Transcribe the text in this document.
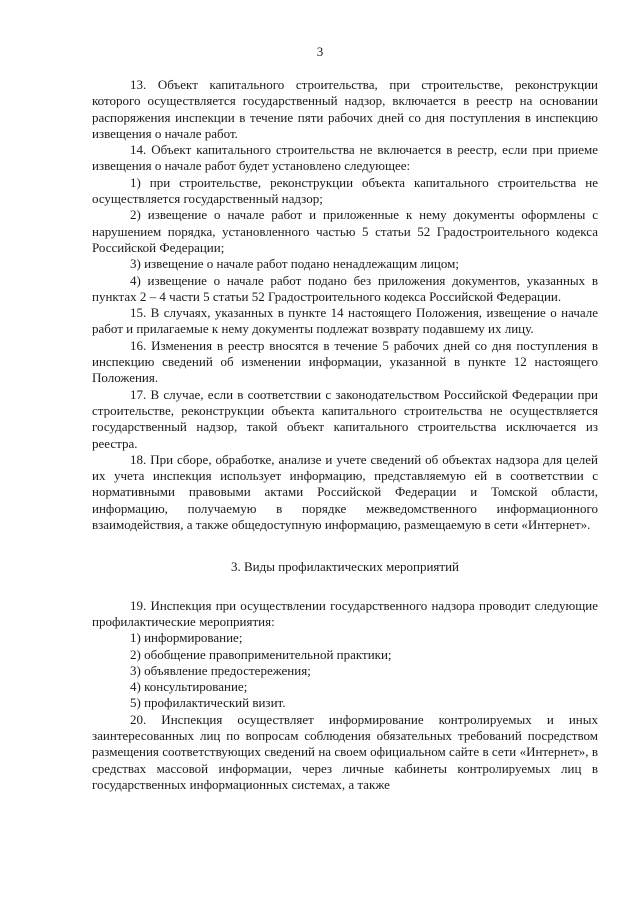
3

13. Объект капитального строительства, при строительстве, реконструкции которого осуществляется государственный надзор, включается в реестр на основании распоряжения инспекции в течение пяти рабочих дней со дня поступления в инспекцию извещения о начале работ.

14. Объект капитального строительства не включается в реестр, если при приеме извещения о начале работ будет установлено следующее:

1) при строительстве, реконструкции объекта капитального строительства не осуществляется государственный надзор;

2) извещение о начале работ и приложенные к нему документы оформлены с нарушением порядка, установленного частью 5 статьи 52 Градостроительного кодекса Российской Федерации;

3) извещение о начале работ подано ненадлежащим лицом;

4) извещение о начале работ подано без приложения документов, указанных в пунктах 2 – 4 части 5 статьи 52 Градостроительного кодекса Российской Федерации.

15. В случаях, указанных в пункте 14 настоящего Положения, извещение о начале работ и прилагаемые к нему документы подлежат возврату подавшему их лицу.

16. Изменения в реестр вносятся в течение 5 рабочих дней со дня поступления в инспекцию сведений об изменении информации, указанной в пункте 12 настоящего Положения.

17. В случае, если в соответствии с законодательством Российской Федерации при строительстве, реконструкции объекта капитального строительства не осуществляется государственный надзор, такой объект капитального строительства исключается из реестра.

18. При сборе, обработке, анализе и учете сведений об объектах надзора для целей их учета инспекция использует информацию, представляемую ей в соответствии с нормативными правовыми актами Российской Федерации и Томской области, информацию, получаемую в порядке межведомственного информационного взаимодействия, а также общедоступную информацию, размещаемую в сети «Интернет».

3. Виды профилактических мероприятий

19. Инспекция при осуществлении государственного надзора проводит следующие профилактические мероприятия:

1) информирование;

2) обобщение правоприменительной практики;

3) объявление предостережения;

4) консультирование;

5) профилактический визит.

20. Инспекция осуществляет информирование контролируемых и иных заинтересованных лиц по вопросам соблюдения обязательных требований посредством размещения соответствующих сведений на своем официальном сайте в сети «Интернет», в средствах массовой информации, через личные кабинеты контролируемых лиц в государственных информационных системах, а также
